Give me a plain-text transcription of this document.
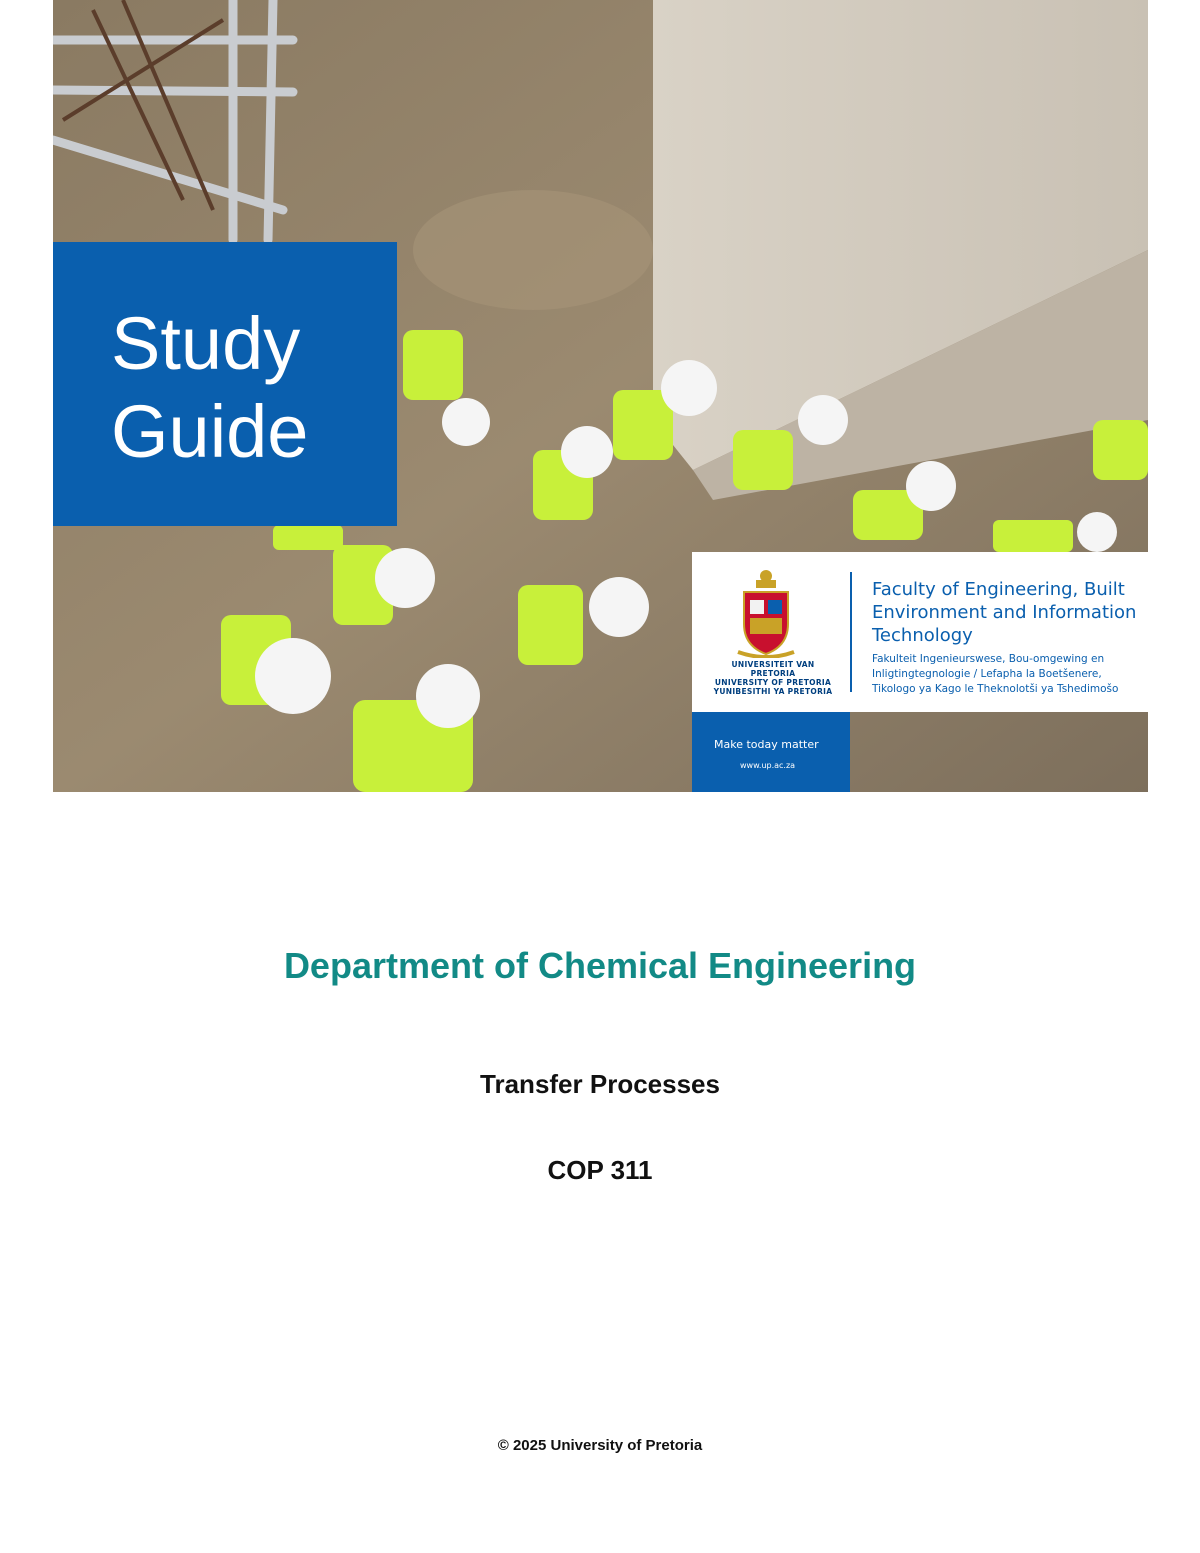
Study
Guide
UNIVERSITEIT VAN PRETORIA
UNIVERSITY OF PRETORIA
YUNIBESITHI YA PRETORIA
Faculty of Engineering, Built Environment and Information Technology
Fakulteit Ingenieurswese, Bou-omgewing en Inligtingtegnologie / Lefapha la Boetšenere, Tikologo ya Kago le Theknolotši ya Tshedimošo
Make today matter
www.up.ac.za
Department of Chemical Engineering
Transfer Processes
COP 311
© 2025 University of Pretoria
